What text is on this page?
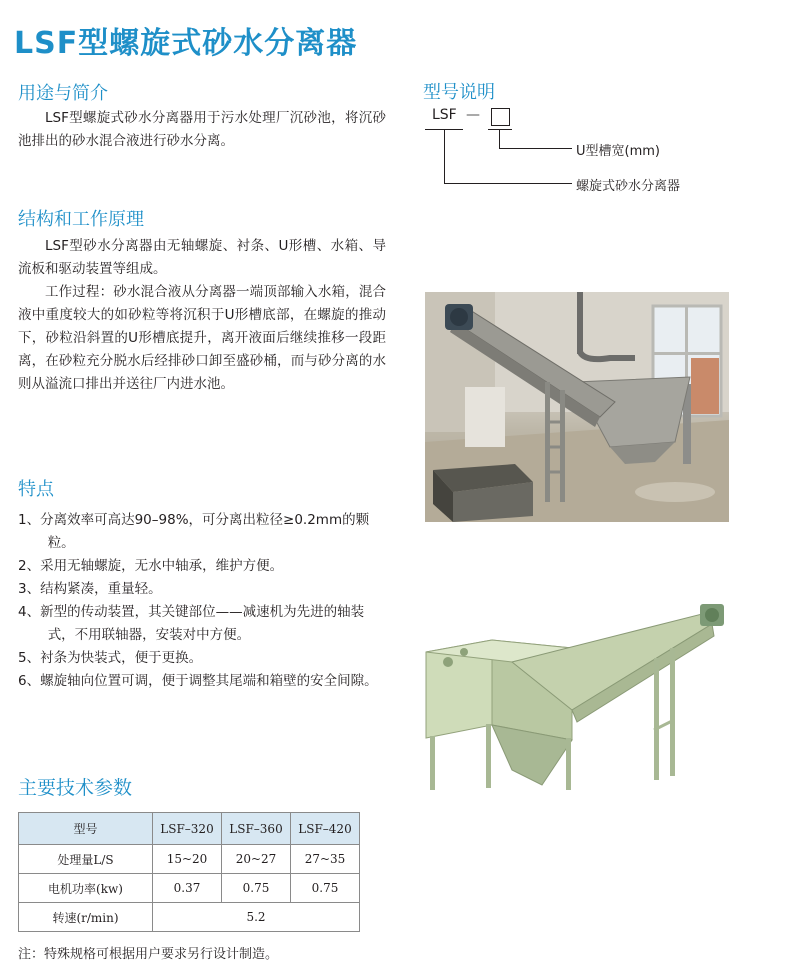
LSF型螺旋式砂水分离器
用途与简介

LSF型螺旋式砂水分离器用于污水处理厂沉砂池，将沉砂池排出的砂水混合液进行砂水分离。

型号说明
LSF —
U型槽宽(mm)
螺旋式砂水分离器
结构和工作原理

LSF型砂水分离器由无轴螺旋、衬条、U形槽、水箱、导流板和驱动装置等组成。

工作过程：砂水混合液从分离器一端顶部输入水箱，混合液中重度较大的如砂粒等将沉积于U形槽底部，在螺旋的推动下，砂粒沿斜置的U形槽底提升，离开液面后继续推移一段距离，在砂粒充分脱水后经排砂口卸至盛砂桶，而与砂分离的水则从溢流口排出并送往厂内进水池。

特点
1、分离效率可高达90–98%，可分离出粒径≥0.2mm的颗粒。
2、采用无轴螺旋，无水中轴承，维护方便。
3、结构紧凑，重量轻。
4、新型的传动装置，其关键部位——减速机为先进的轴装式，不用联轴器，安装对中方便。
5、衬条为快装式，便于更换。
6、螺旋轴向位置可调，便于调整其尾端和箱壁的安全间隙。
主要技术参数
型号	LSF–320	LSF–360	LSF–420
处理量L/S	15~20	20~27	27~35
电机功率(kw)	0.37	0.75	0.75
转速(r/min)	5.2		
注：特殊规格可根据用户要求另行设计制造。
